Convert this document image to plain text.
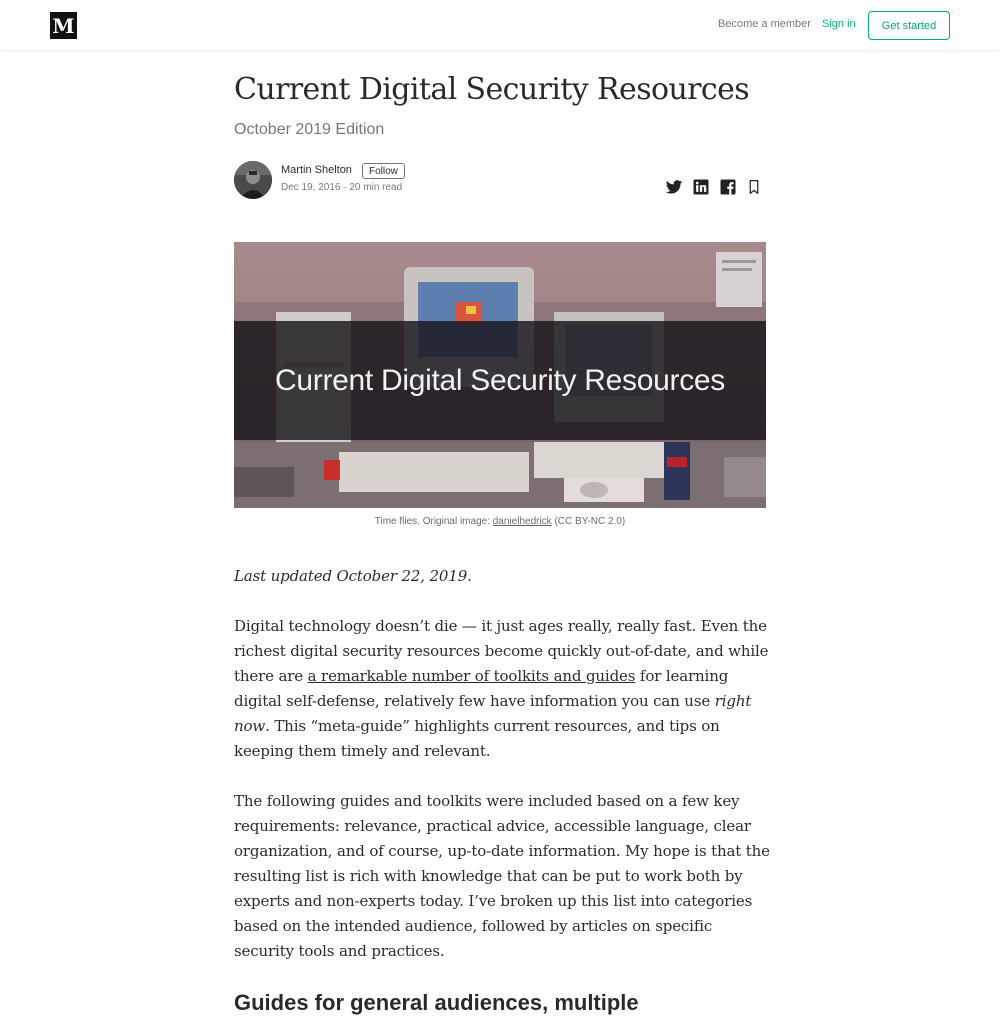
M	Become a member Sign in	Get started
Current Digital Security Resources
October 2019 Edition
Martin Shelton	Follow
Dec 19, 2016 · 20 min read
Current Digital Security Resources
Time flies. Original image: danielhedrick (CC BY-NC 2.0)

Last updated October 22, 2019.

Digital technology doesn’t die — it just ages really, really fast. Even the richest digital security resources become quickly out-of-date, and while there are a remarkable number of toolkits and guides for learning digital self-defense, relatively few have information you can use right now. This “meta-guide” highlights current resources, and tips on keeping them timely and relevant.

The following guides and toolkits were included based on a few key requirements: relevance, practical advice, accessible language, clear organization, and of course, up-to-date information. My hope is that the resulting list is rich with knowledge that can be put to work both by experts and non-experts today. I’ve broken up this list into categories based on the intended audience, followed by articles on specific security tools and practices.

Guides for general audiences, multiple
